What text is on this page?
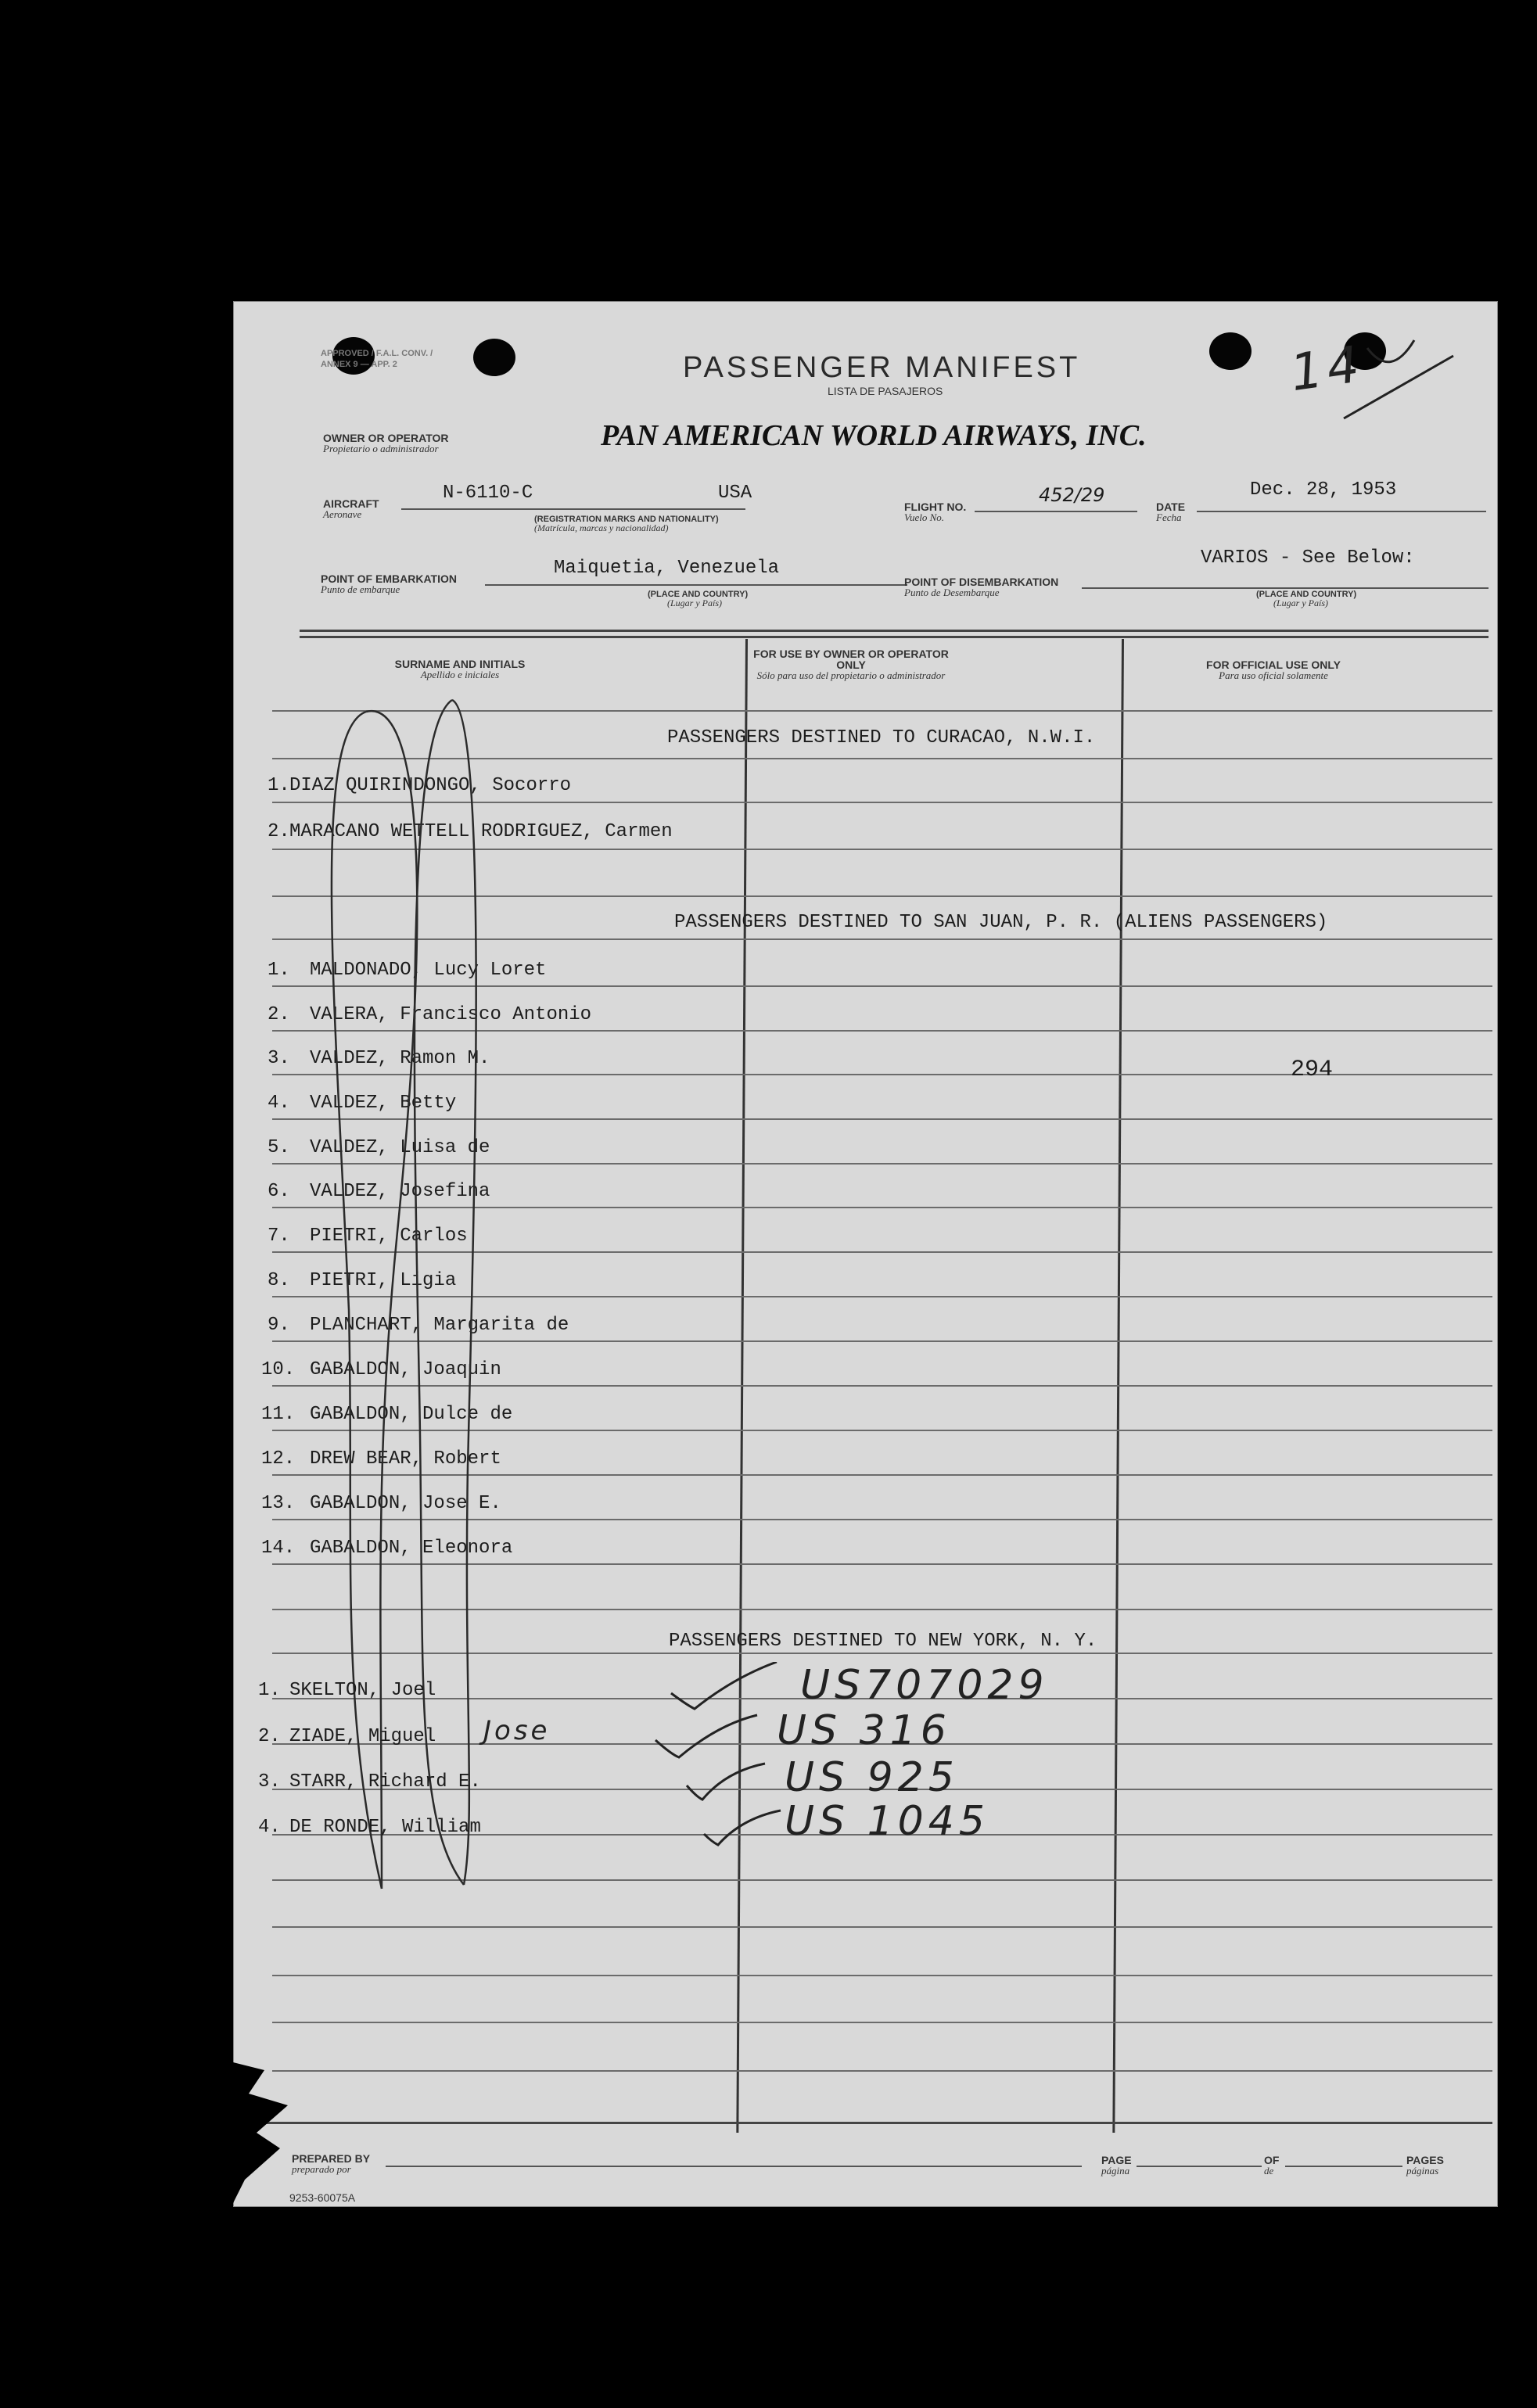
APPROVED / F.A.L. CONV. / ANNEX 9 — APP. 2	14
PASSENGER MANIFEST
LISTA DE PASAJEROS
OWNER OR OPERATOR
Propietario o administrador	PAN AMERICAN WORLD AIRWAYS, INC.
AIRCRAFT
Aeronave
N-6110-C	USA
(REGISTRATION MARKS AND NATIONALITY)
(Matrícula, marcas y nacionalidad)
FLIGHT NO.
Vuelo No.
452/29
DATE
Fecha
Dec. 28, 1953
POINT OF EMBARKATION
Punto de embarque
Maiquetia, Venezuela
(PLACE AND COUNTRY)
(Lugar y País)
POINT OF DISEMBARKATION
Punto de Desembarque
VARIOS - See Below:
(PLACE AND COUNTRY)
(Lugar y País)
SURNAME AND INITIALS
Apellido e iniciales
FOR USE BY OWNER OR OPERATOR ONLY
Sólo para uso del propietario o administrador
FOR OFFICIAL USE ONLY
Para uso oficial solamente
PASSENGERS DESTINED TO CURACAO, N.W.I.
PASSENGERS DESTINED TO SAN JUAN, P. R. (ALIENS PASSENGERS)
PASSENGERS DESTINED TO NEW YORK, N. Y.
1. DIAZ QUIRINDONGO, Socorro
2. MARACANO WETTELL RODRIGUEZ, Carmen
1. MALDONADO, Lucy Loret
2. VALERA, Francisco Antonio
3. VALDEZ, Ramon M.
4. VALDEZ, Betty
5. VALDEZ, Luisa de
6. VALDEZ, Josefina
7. PIETRI, Carlos
8. PIETRI, Ligia
9. PLANCHART, Margarita de
10. GABALDON, Joaquin
11. GABALDON, Dulce de
12. DREW BEAR, Robert
13. GABALDON, Jose E.
14. GABALDON, Eleonora
294
1. SKELTON, Joel	US707029
2. ZIADE, Miguel Jose	US 316
3. STARR, Richard E.	US 925
4. DE RONDE, William	US 1045
PREPARED BY
preparado por
PAGE
página
OF
de
PAGES
páginas
9253-60075A
